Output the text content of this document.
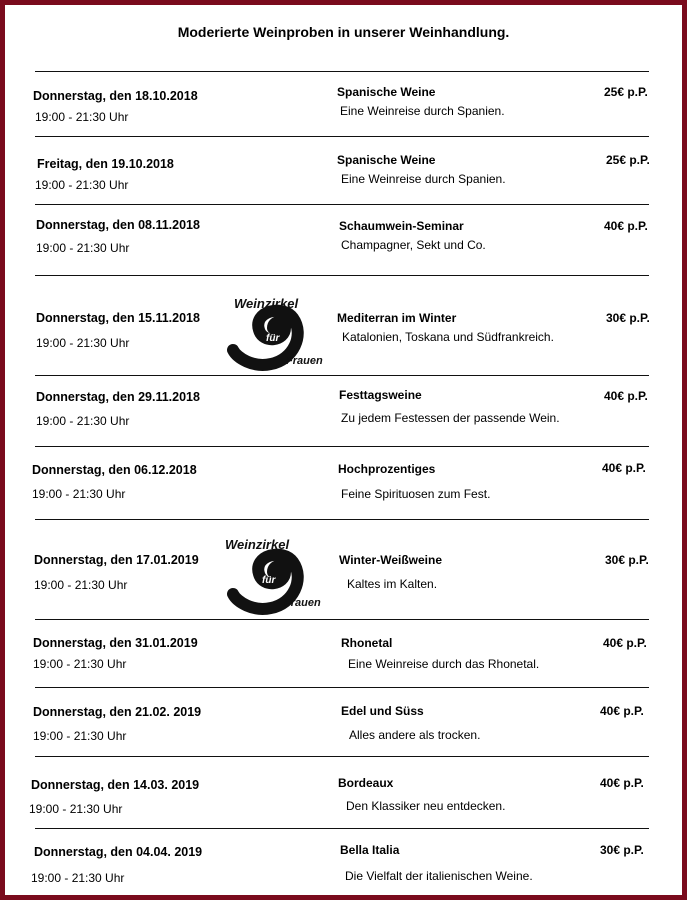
Moderierte Weinproben in unserer Weinhandlung.
Donnerstag, den 18.10.2018
19:00 - 21:30 Uhr
Spanische Weine
Eine Weinreise durch Spanien.
25€ p.P.
Freitag, den 19.10.2018
19:00 - 21:30 Uhr
Spanische Weine
Eine Weinreise durch Spanien.
25€ p.P.
Donnerstag, den 08.11.2018
19:00 - 21:30 Uhr
Schaumwein-Seminar
Champagner, Sekt und Co.
40€ p.P.
Donnerstag, den 15.11.2018
19:00 - 21:30 Uhr
Mediterran im Winter
Katalonien, Toskana und Südfrankreich.
30€ p.P.
Donnerstag, den 29.11.2018
19:00 - 21:30 Uhr
Festtagsweine
Zu jedem Festessen der passende Wein.
40€ p.P.
Donnerstag, den 06.12.2018
19:00 - 21:30 Uhr
Hochprozentiges
Feine Spirituosen zum Fest.
40€ p.P.
Donnerstag, den 17.01.2019
19:00 - 21:30 Uhr
Winter-Weißweine
Kaltes im Kalten.
30€ p.P.
Donnerstag, den 31.01.2019
19:00 - 21:30 Uhr
Rhonetal
Eine Weinreise durch das Rhonetal.
40€ p.P.
Donnerstag, den 21.02. 2019
19:00 - 21:30 Uhr
Edel und Süss
Alles andere als trocken.
40€ p.P.
Donnerstag, den 14.03. 2019
19:00 - 21:30 Uhr
Bordeaux
Den Klassiker neu entdecken.
40€ p.P.
Donnerstag, den 04.04. 2019
19:00 - 21:30 Uhr
Bella Italia
Die Vielfalt der italienischen Weine.
30€ p.P.
Weinzirkel
für
Frauen
Weinzirkel
für
Frauen
